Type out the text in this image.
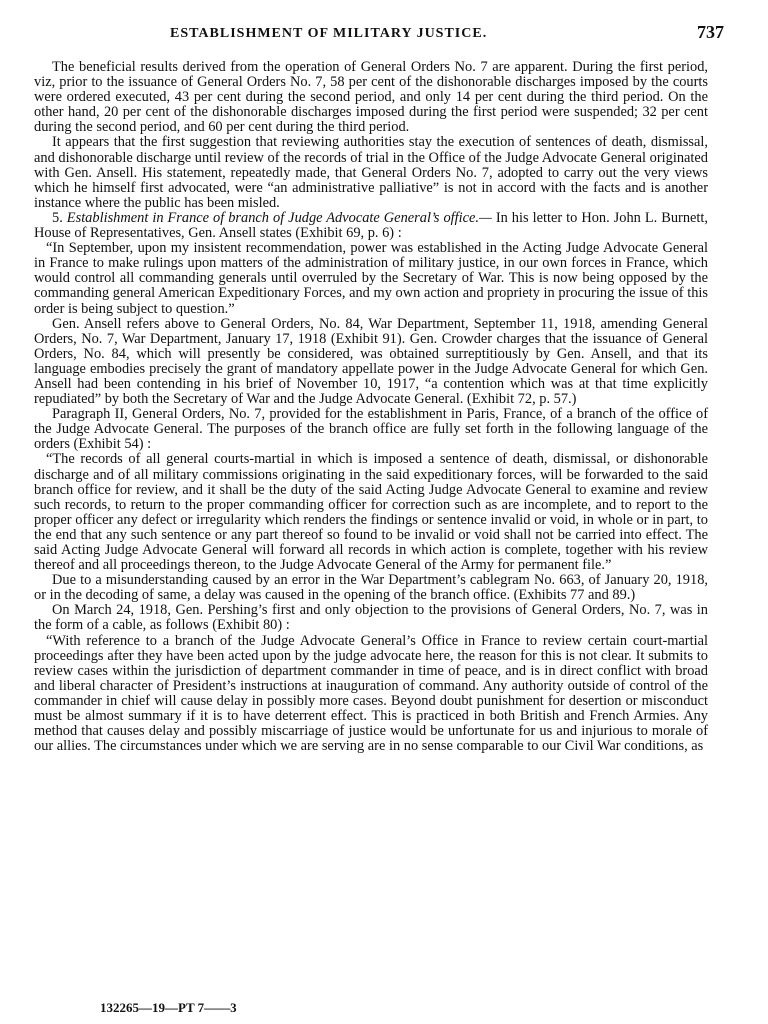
ESTABLISHMENT OF MILITARY JUSTICE.	737

The beneficial results derived from the operation of General Orders No. 7 are apparent. During the first period, viz, prior to the issuance of General Orders No. 7, 58 per cent of the dishonorable discharges imposed by the courts were ordered executed, 43 per cent during the second period, and only 14 per cent during the third period. On the other hand, 20 per cent of the dishonorable discharges imposed during the first period were suspended; 32 per cent during the second period, and 60 per cent during the third period.

It appears that the first suggestion that reviewing authorities stay the execution of sentences of death, dismissal, and dishonorable discharge until review of the records of trial in the Office of the Judge Advocate General originated with Gen. Ansell. His statement, repeatedly made, that General Orders No. 7, adopted to carry out the very views which he himself first advocated, were “an administrative palliative” is not in accord with the facts and is another instance where the public has been misled.

5. Establishment in France of branch of Judge Advocate General’s office.— In his letter to Hon. John L. Burnett, House of Representatives, Gen. Ansell states (Exhibit 69, p. 6) :

“In September, upon my insistent recommendation, power was established in the Acting Judge Advocate General in France to make rulings upon matters of the administration of military justice, in our own forces in France, which would control all commanding generals until overruled by the Secretary of War. This is now being opposed by the commanding general American Expeditionary Forces, and my own action and propriety in procuring the issue of this order is being subject to question.”

Gen. Ansell refers above to General Orders, No. 84, War Department, September 11, 1918, amending General Orders, No. 7, War Department, January 17, 1918 (Exhibit 91). Gen. Crowder charges that the issuance of General Orders, No. 84, which will presently be considered, was obtained surreptitiously by Gen. Ansell, and that its language embodies precisely the grant of mandatory appellate power in the Judge Advocate General for which Gen. Ansell had been contending in his brief of November 10, 1917, “a contention which was at that time explicitly repudiated” by both the Secretary of War and the Judge Advocate General. (Exhibit 72, p. 57.)

Paragraph II, General Orders, No. 7, provided for the establishment in Paris, France, of a branch of the office of the Judge Advocate General. The purposes of the branch office are fully set forth in the following language of the orders (Exhibit 54) :

“The records of all general courts-martial in which is imposed a sentence of death, dismissal, or dishonorable discharge and of all military commissions originating in the said expeditionary forces, will be forwarded to the said branch office for review, and it shall be the duty of the said Acting Judge Advocate General to examine and review such records, to return to the proper commanding officer for correction such as are incomplete, and to report to the proper officer any defect or irregularity which renders the findings or sentence invalid or void, in whole or in part, to the end that any such sentence or any part thereof so found to be invalid or void shall not be carried into effect. The said Acting Judge Advocate General will forward all records in which action is complete, together with his review thereof and all proceedings thereon, to the Judge Advocate General of the Army for permanent file.”

Due to a misunderstanding caused by an error in the War Department’s cablegram No. 663, of January 20, 1918, or in the decoding of same, a delay was caused in the opening of the branch office. (Exhibits 77 and 89.)

On March 24, 1918, Gen. Pershing’s first and only objection to the provisions of General Orders, No. 7, was in the form of a cable, as follows (Exhibit 80) :

“With reference to a branch of the Judge Advocate General’s Office in France to review certain court-martial proceedings after they have been acted upon by the judge advocate here, the reason for this is not clear. It submits to review cases within the jurisdiction of department commander in time of peace, and is in direct conflict with broad and liberal character of President’s instructions at inauguration of command. Any authority outside of control of the commander in chief will cause delay in possibly more cases. Beyond doubt punishment for desertion or misconduct must be almost summary if it is to have deterrent effect. This is practiced in both British and French Armies. Any method that causes delay and possibly miscarriage of justice would be unfortunate for us and injurious to morale of our allies. The circumstances under which we are serving are in no sense comparable to our Civil War conditions, as

132265—19—PT 7——3
